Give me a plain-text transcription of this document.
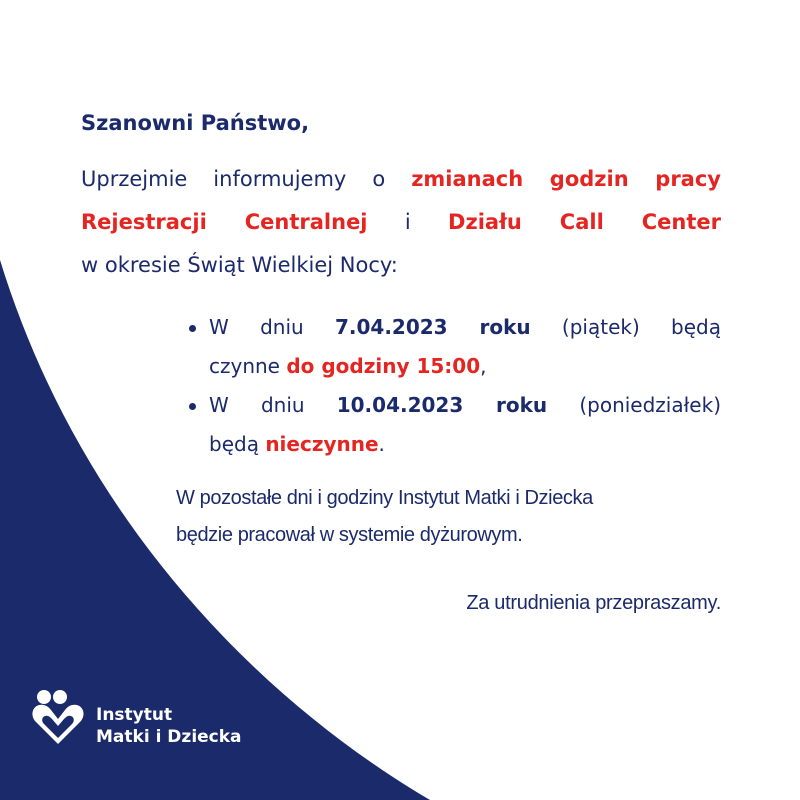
Szanowni Państwo,
Uprzejmie informujemy o zmianach godzin pracy
Rejestracji Centralnej i Działu Call Center
w okresie Świąt Wielkiej Nocy:
W dniu 7.04.2023 roku (piątek) będą
czynne do godziny 15:00,
W dniu 10.04.2023 roku (poniedziałek)
będą nieczynne.
W pozostałe dni i godziny Instytut Matki i Dziecka
będzie pracował w systemie dyżurowym.
Za utrudnienia przepraszamy.
Instytut
Matki i Dziecka
